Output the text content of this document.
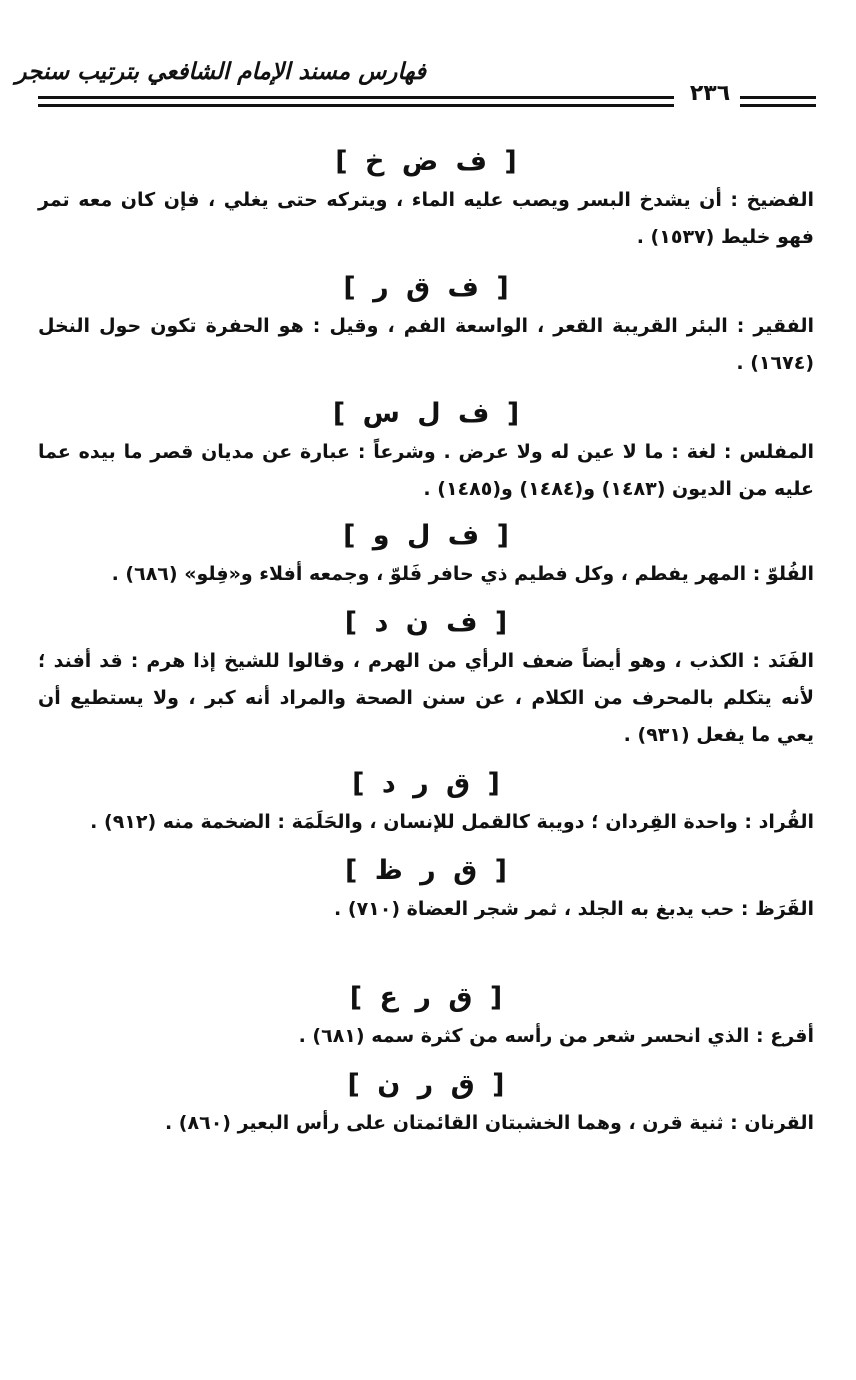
فهارس مسند الإمام الشافعي بترتيب سنجر
٢٣٦
[ ف ض خ ]
الفضيخ : أن يشدخ البسر ويصب عليه الماء ، ويتركه حتى يغلي ، فإن كان معه تمر فهو خليط (١٥٣٧) .
[ ف ق ر ]
الفقير : البئر القريبة القعر ، الواسعة الفم ، وقيل : هو الحفرة تكون حول النخل (١٦٧٤) .
[ ف ل س ]
المفلس : لغة : ما لا عين له ولا عرض . وشرعاً : عبارة عن مديان قصر ما بيده عما عليه من الديون (١٤٨٣) و(١٤٨٤) و(١٤٨٥) .
[ ف ل و ]
الفُلوّ : المهر يفطم ، وكل فطيم ذي حافر فَلوّ ، وجمعه أفلاء و«فِلو» (٦٨٦) .
[ ف ن د ]
الفَنَد : الكذب ، وهو أيضاً ضعف الرأي من الهرم ، وقالوا للشيخ إذا هرم : قد أفند ؛ لأنه يتكلم بالمحرف من الكلام ، عن سنن الصحة والمراد أنه كبر ، ولا يستطيع أن يعي ما يفعل (٩٣١) .
[ ق ر د ]
القُراد : واحدة القِردان ؛ دويبة كالقمل للإنسان ، والحَلَمَة : الضخمة منه (٩١٢) .
[ ق ر ظ ]
القَرَظ : حب يدبغ به الجلد ، ثمر شجر العضاة (٧١٠) .
[ ق ر ع ]
أقرع : الذي انحسر شعر من رأسه من كثرة سمه (٦٨١) .
[ ق ر ن ]
القرنان : ثنية قرن ، وهما الخشبتان القائمتان على رأس البعير (٨٦٠) .
